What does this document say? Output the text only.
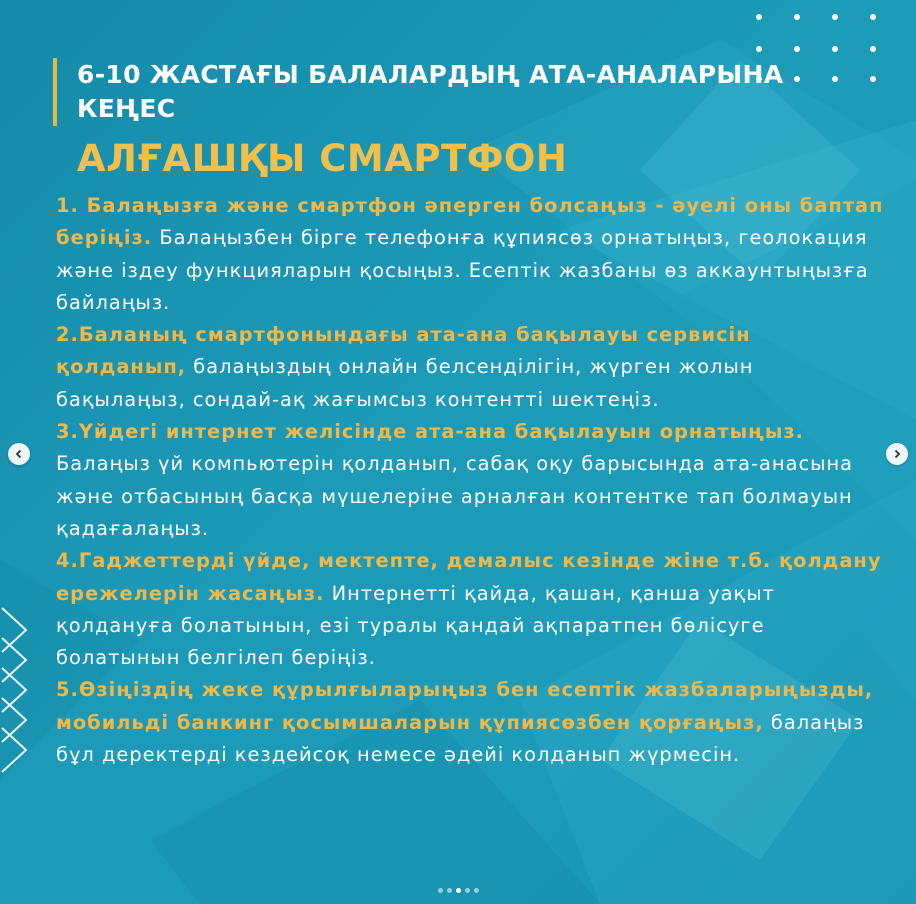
6-10 ЖАСТАҒЫ БАЛАЛАРДЫҢ АТА-АНАЛАРЫНА КЕҢЕС
АЛҒАШҚЫ СМАРТФОН

1. Балаңызға және смартфон әперген болсаңыз - әуелі оны баптап беріңіз. Балаңызбен бірге телефонға құпиясөз орнатыңыз, геолокация және іздеу функцияларын қосыңыз. Есептік жазбаны өз аккаунтыңызға байлаңыз.

2.Баланың смартфонындағы ата-ана бақылауы сервисін қолданып, балаңыздың онлайн белсенділігін, жүрген жолын бақылаңыз, сондай-ақ жағымсыз контентті шектеңіз.

3.Үйдегі интернет желісінде ата-ана бақылауын орнатыңыз. Балаңыз үй компьютерін қолданып, сабақ оқу барысында ата-анасына және отбасының басқа мүшелеріне арналған контентке тап болмауын қадағалаңыз.

4.Гаджеттерді үйде, мектепте, демалыс кезінде жіне т.б. қолдану ережелерін жасаңыз. Интернетті қайда, қашан, қанша уақыт қолдануға болатынын, езі туралы қандай ақпаратпен бөлісуге болатынын белгілеп беріңіз.

5.Өзіңіздің жеке құрылғыларыңыз бен есептік жазбаларыңызды, мобильді банкинг қосымшаларын құпиясөзбен қорғаңыз, балаңыз бұл деректерді кездейсоқ немесе әдейі колданып жүрмесін.
